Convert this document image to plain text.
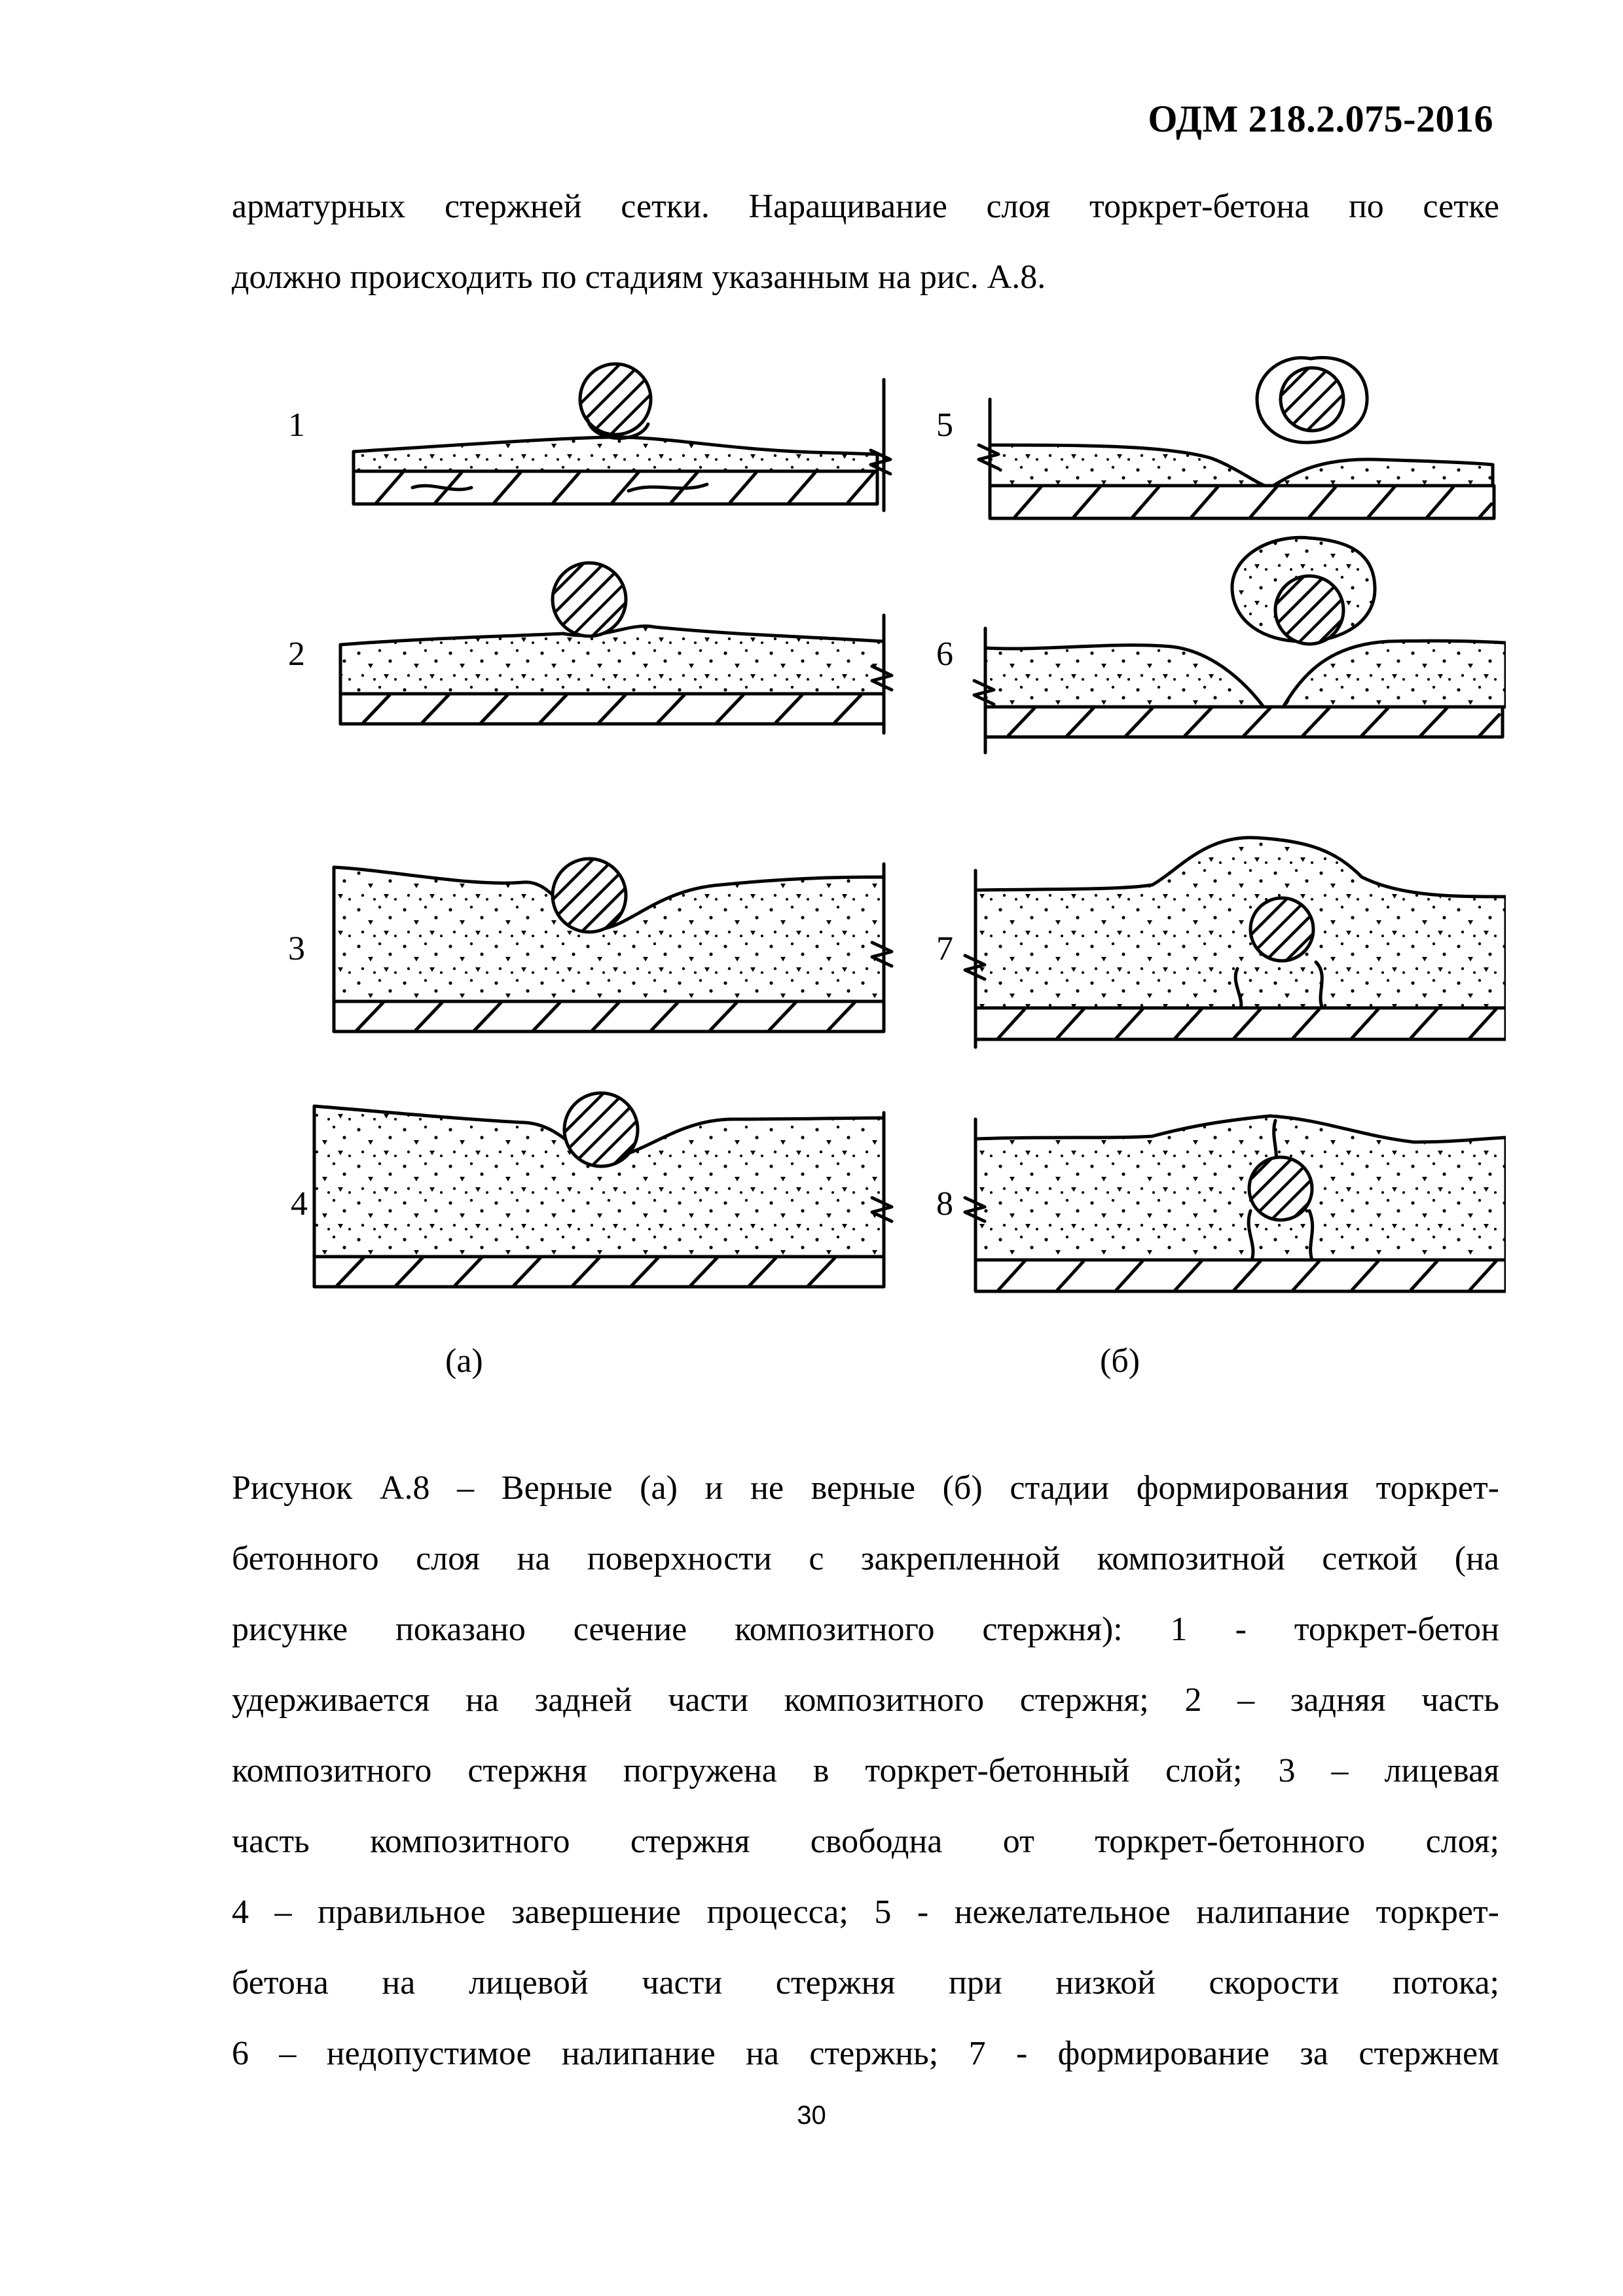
ОДМ 218.2.075-2016

арматурных стержней сетки. Наращивание слоя торкрет-бетона по сетке

должно происходить по стадиям указанным на рис. А.8.

1
2
3
4
5
6
7
8
(а)	(б)

Рисунок А.8 – Верные (а) и не верные (б) стадии формирования торкрет-

бетонного слоя на поверхности с закрепленной композитной сеткой (на

рисунке показано сечение композитного стержня): 1 - торкрет-бетон

удерживается на задней части композитного стержня; 2 – задняя часть

композитного стержня погружена в торкрет-бетонный слой; 3 – лицевая

часть композитного стержня свободна от торкрет-бетонного слоя;

4 – правильное завершение процесса; 5 - нежелательное налипание торкрет-

бетона на лицевой части стержня при низкой скорости потока;

6 – недопустимое налипание на стержнь; 7 - формирование за стержнем

30
